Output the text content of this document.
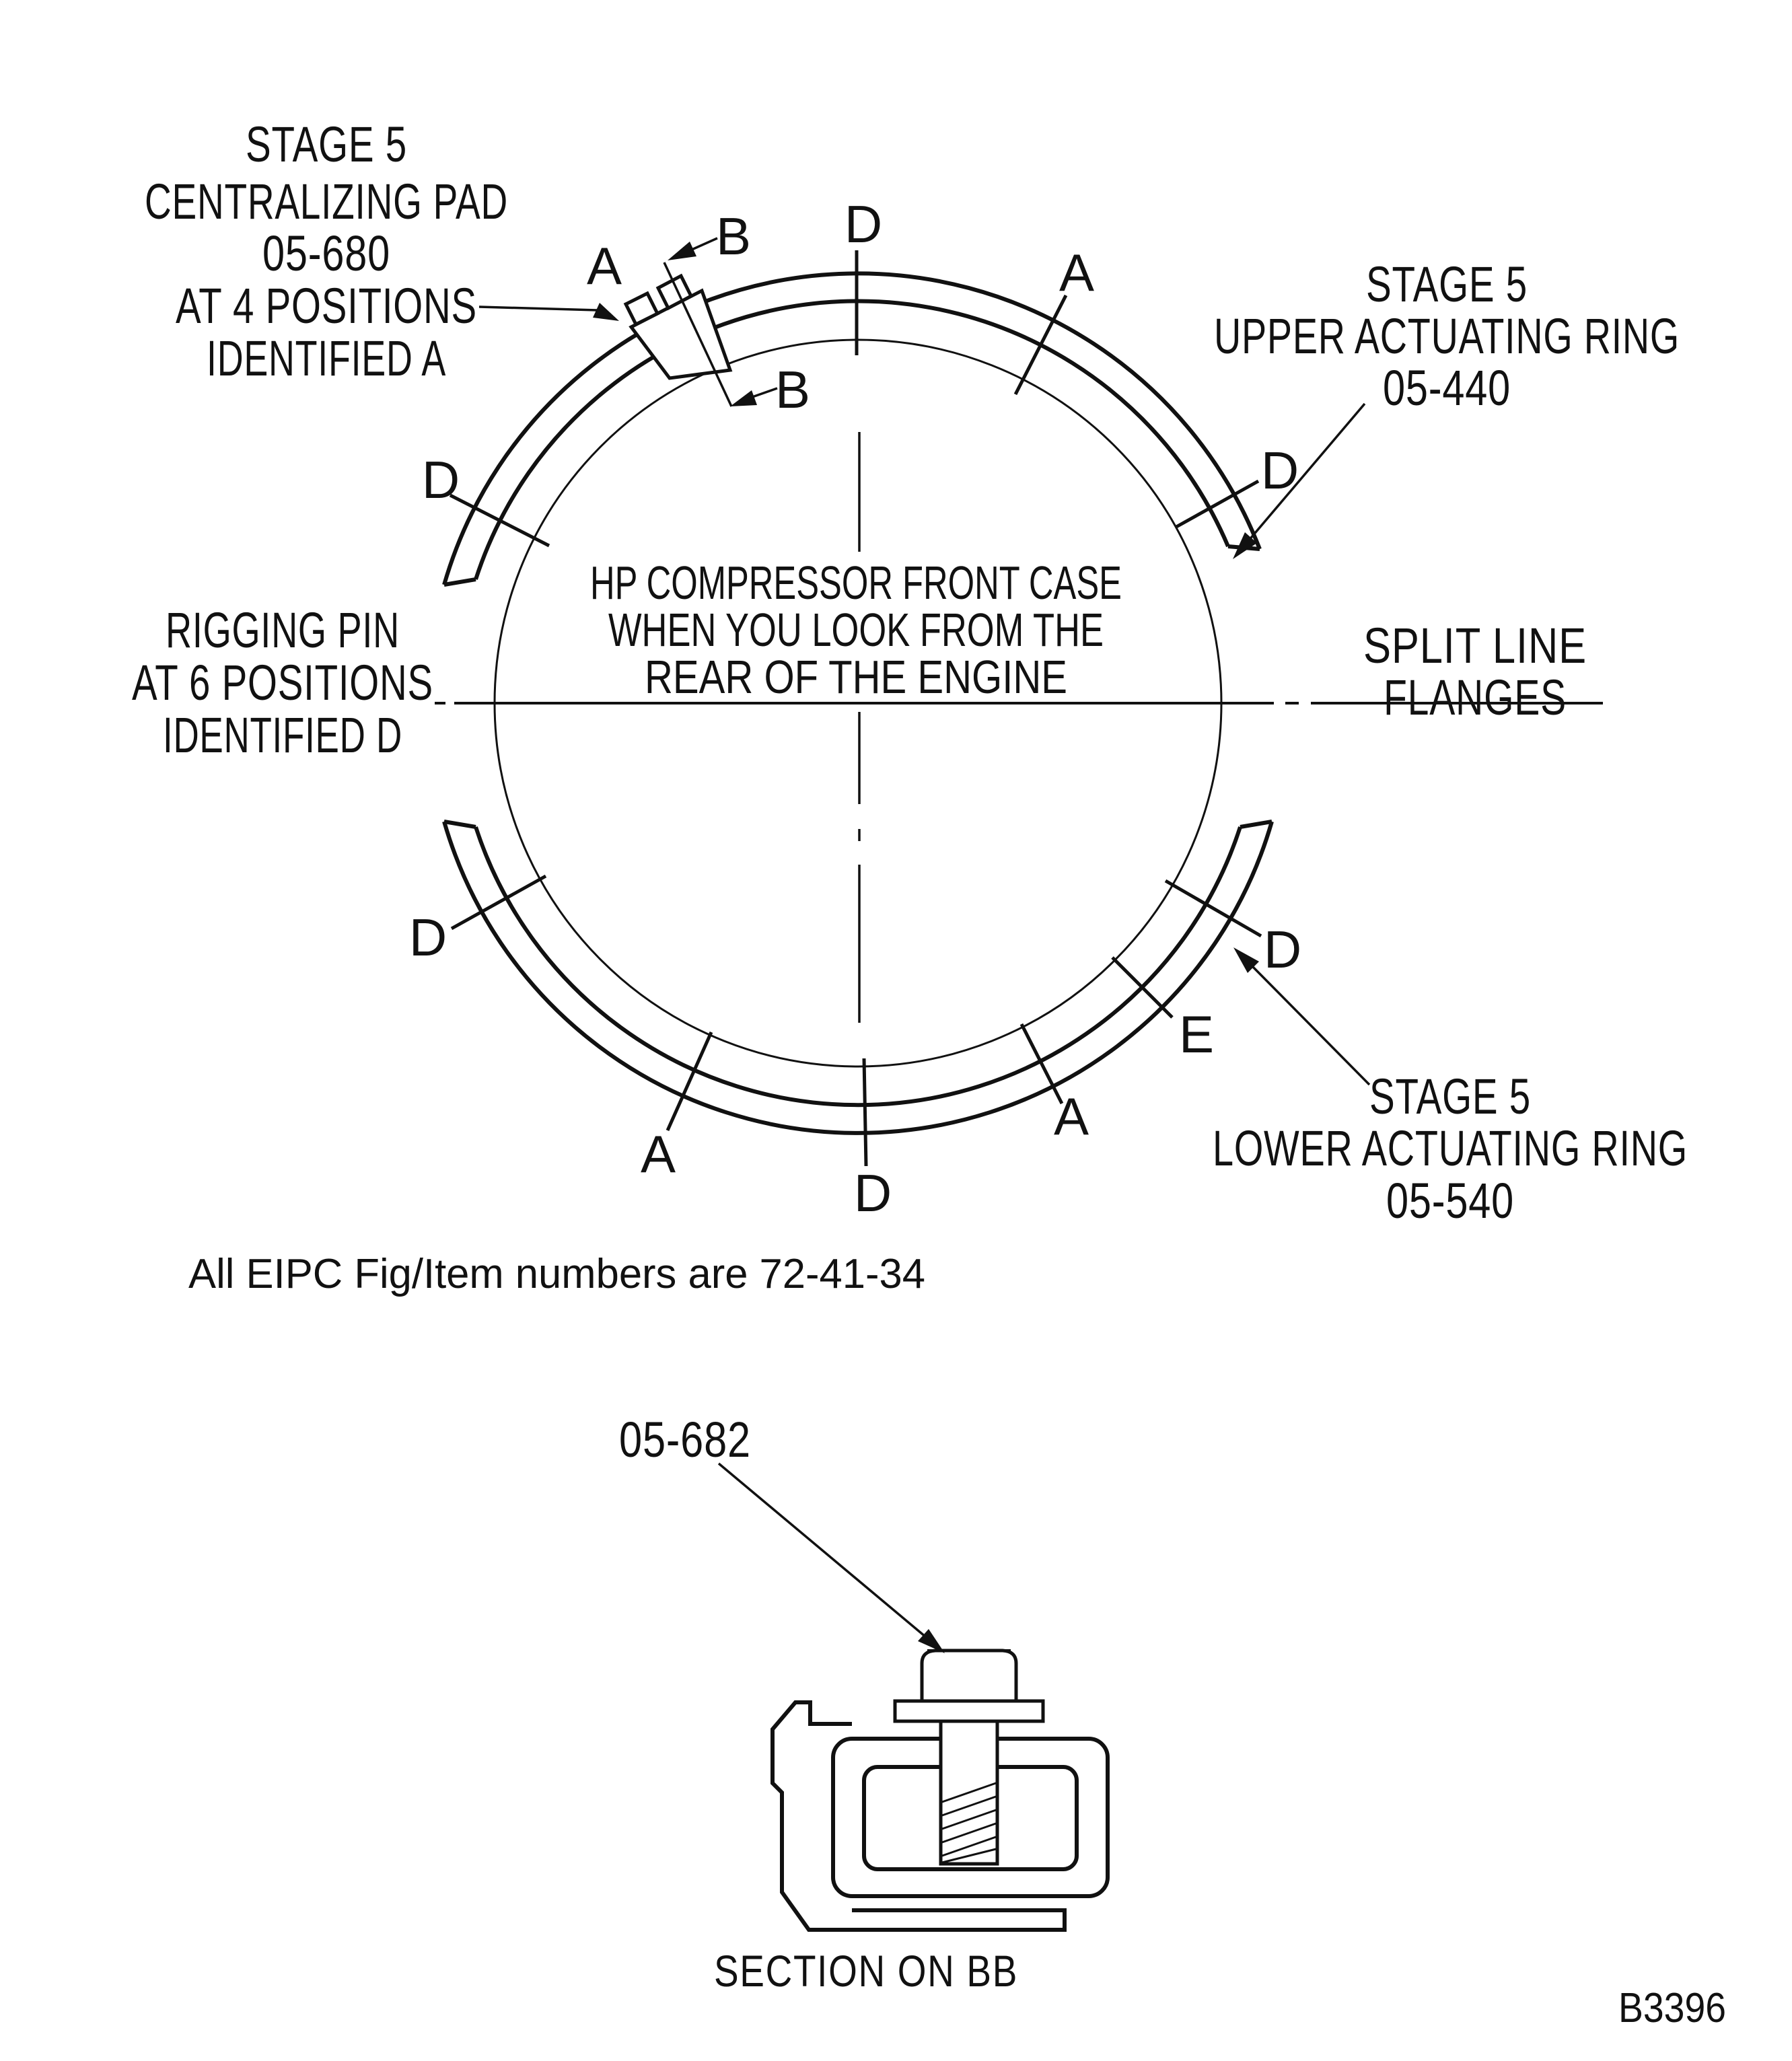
STAGE 5
CENTRALIZING PAD
05-680
AT 4 POSITIONS
IDENTIFIED A
STAGE 5
UPPER ACTUATING RING
05-440
RIGGING PIN
AT 6 POSITIONS
IDENTIFIED D
SPLIT LINE
FLANGES
STAGE 5
LOWER ACTUATING RING
05-540
HP COMPRESSOR FRONT CASE
WHEN YOU LOOK FROM THE
REAR OF THE ENGINE
A B
B
D
A
D
D
D
A
D
A
E
D
All EIPC Fig/Item numbers are 72-41-34
05-682
SECTION ON BB
B3396
